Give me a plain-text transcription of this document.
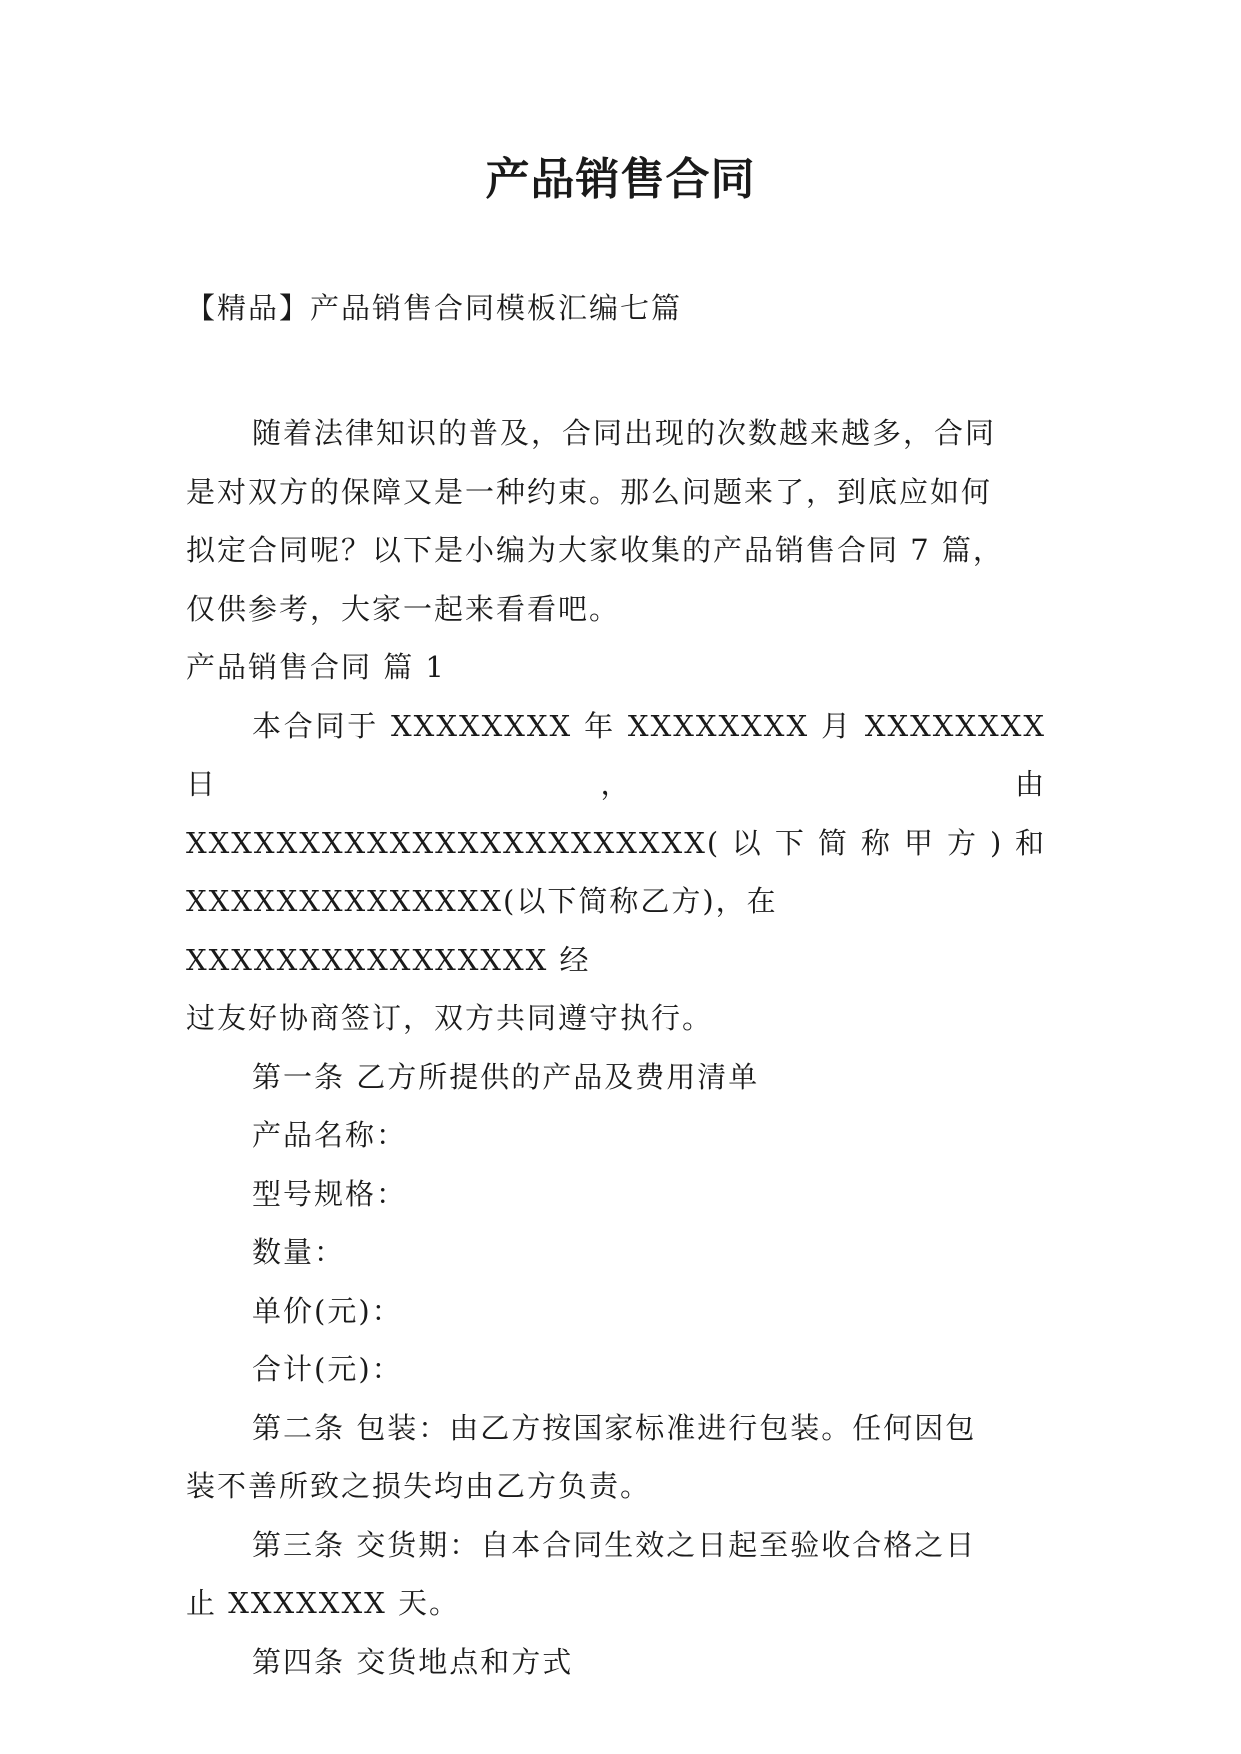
产品销售合同
【精品】产品销售合同模板汇编七篇

随着法律知识的普及，合同出现的次数越来越多，合同

是对双方的保障又是一种约束。那么问题来了，到底应如何

拟定合同呢？以下是小编为大家收集的产品销售合同 7 篇，

仅供参考，大家一起来看看吧。

产品销售合同 篇 1

本合同于 XXXXXXXX 年 XXXXXXXX 月 XXXXXXXX 日，由

XXXXXXXXXXXXXXXXXXXXXXX( 以 下 简 称 甲 方 ) 和

XXXXXXXXXXXXXX(以下简称乙方)，在 XXXXXXXXXXXXXXXX 经

过友好协商签订，双方共同遵守执行。

第一条 乙方所提供的产品及费用清单

产品名称：

型号规格：

数量：

单价(元)：

合计(元)：

第二条 包装：由乙方按国家标准进行包装。任何因包

装不善所致之损失均由乙方负责。

第三条 交货期：自本合同生效之日起至验收合格之日

止 XXXXXXX 天。

第四条 交货地点和方式
